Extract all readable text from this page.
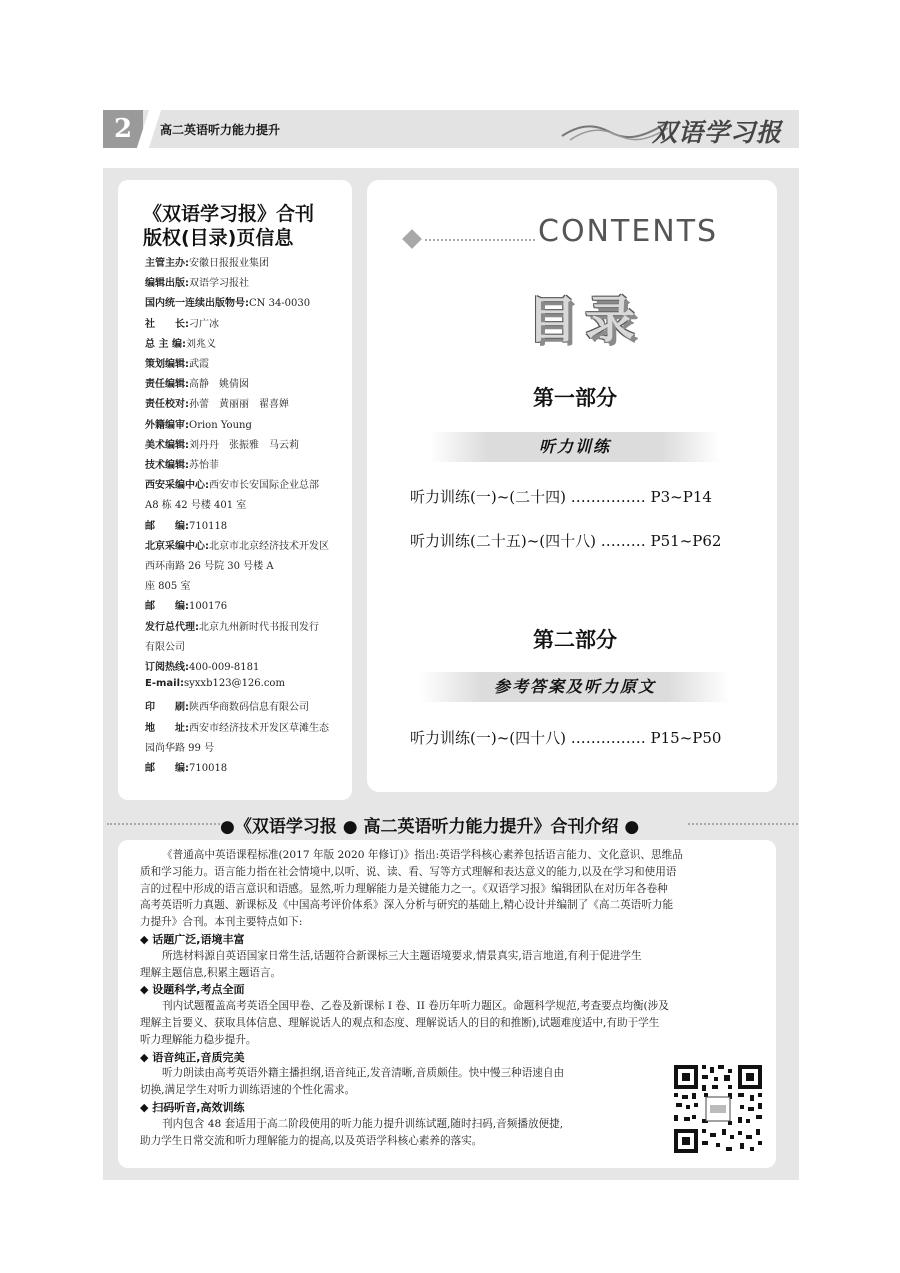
2	高二英语听力能力提升	双语学习报
《双语学习报》合刊
版权(目录)页信息
主管主办:安徽日报报业集团
编辑出版:双语学习报社
国内统一连续出版物号:CN 34-0030
社　　长:刁广冰
总 主 编:刘兆义
策划编辑:武霞
责任编辑:高静　姚倩囡
责任校对:孙蕾　黄丽丽　翟喜婵
外籍编审:Orion Young
美术编辑:刘丹丹　张振雅　马云莉
技术编辑:苏怡菲
西安采编中心:西安市长安国际企业总部
A8 栋 42 号楼 401 室
邮　　编:710118
北京采编中心:北京市北京经济技术开发区
西环南路 26 号院 30 号楼 A
座 805 室
邮　　编:100176
发行总代理:北京九州新时代书报刊发行
有限公司
订阅热线:400-009-8181
E-mail:syxxb123@126.com
印　　刷:陕西华商数码信息有限公司
地　　址:西安市经济技术开发区草滩生态
园尚华路 99 号
邮　　编:710018
CONTENTS
目录
第一部分
听力训练
听力训练(一)~(二十四) …………… P3~P14
听力训练(二十五)~(四十八) ……… P51~P62
第二部分
参考答案及听力原文
听力训练(一)~(四十八) …………… P15~P50
●《双语学习报 ● 高二英语听力能力提升》合刊介绍 ●
《普通高中英语课程标准(2017 年版 2020 年修订)》指出:英语学科核心素养包括语言能力、文化意识、思维品
质和学习能力。语言能力指在社会情境中,以听、说、读、看、写等方式理解和表达意义的能力,以及在学习和使用语
言的过程中形成的语言意识和语感。显然,听力理解能力是关键能力之一。《双语学习报》编辑团队在对历年各卷种
高考英语听力真题、新课标及《中国高考评价体系》深入分析与研究的基础上,精心设计并编制了《高二英语听力能
力提升》合刊。本刊主要特点如下:
◆ 话题广泛,语境丰富
所选材料源自英语国家日常生活,话题符合新课标三大主题语境要求,情景真实,语言地道,有利于促进学生
理解主题信息,积累主题语言。
◆ 设题科学,考点全面
刊内试题覆盖高考英语全国甲卷、乙卷及新课标 I 卷、II 卷历年听力题区。命题科学规范,考查要点均衡(涉及
理解主旨要义、获取具体信息、理解说话人的观点和态度、理解说话人的目的和推断),试题难度适中,有助于学生
听力理解能力稳步提升。
◆ 语音纯正,音质完美
听力朗读由高考英语外籍主播担纲,语音纯正,发音清晰,音质颇佳。快中慢三种语速自由
切换,满足学生对听力训练语速的个性化需求。
◆ 扫码听音,高效训练
刊内包含 48 套适用于高二阶段使用的听力能力提升训练试题,随时扫码,音频播放便捷,
助力学生日常交流和听力理解能力的提高,以及英语学科核心素养的落实。
